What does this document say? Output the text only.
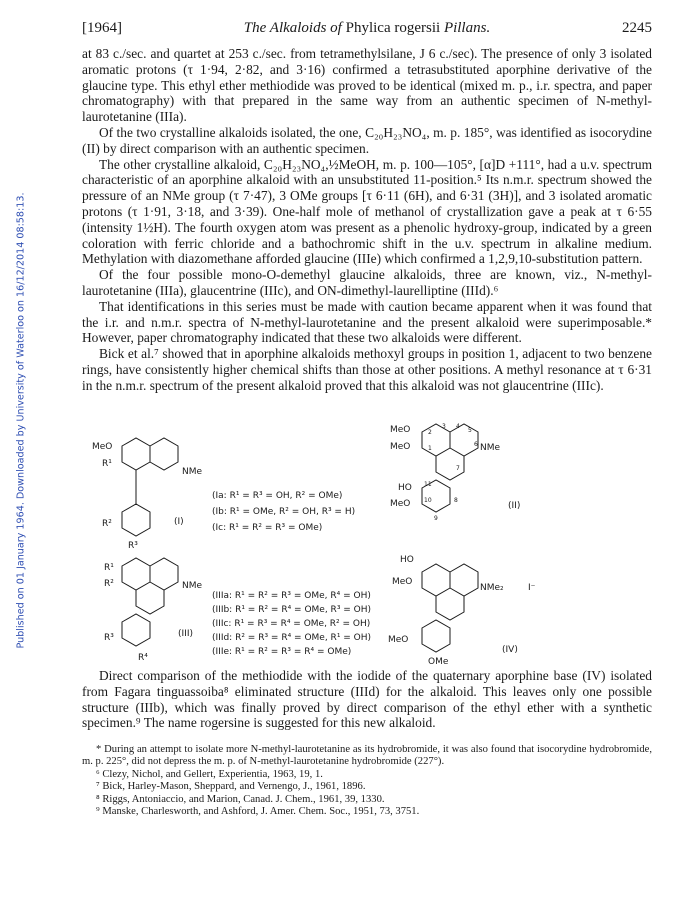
Published on 01 January 1964. Downloaded by University of Waterloo on 16/12/2014 08:58:13.
[1964]	The Alkaloids of Phylica rogersii Pillans.	2245

at 83 c./sec. and quartet at 253 c./sec. from tetramethylsilane, J 6 c./sec). The presence of only 3 isolated aromatic protons (τ 1·94, 2·82, and 3·16) confirmed a tetrasubstituted aporphine derivative of the glaucine type. This ethyl ether methiodide was proved to be identical (mixed m. p., i.r. spectra, and paper chromatography) with that prepared in the same way from an authentic specimen of N-methyl-laurotetanine (IIIa).

Of the two crystalline alkaloids isolated, the one, C₂₀H₂₃NO₄, m. p. 185°, was identified as isocorydine (II) by direct comparison with an authentic specimen.

The other crystalline alkaloid, C₂₀H₂₃NO₄,½MeOH, m. p. 100—105°, [α]D +111°, had a u.v. spectrum characteristic of an aporphine alkaloid with an unsubstituted 11-position.⁵ Its n.m.r. spectrum showed the pressure of an NMe group (τ 7·47), 3 OMe groups [τ 6·11 (6H), and 6·31 (3H)], and 3 isolated aromatic protons (τ 1·91, 3·18, and 3·39). One-half mole of methanol of crystallization gave a peak at τ 6·55 (intensity 1½H). The fourth oxygen atom was present as a phenolic hydroxy-group, indicated by a green coloration with ferric chloride and a bathochromic shift in the u.v. spectrum in alkaline medium. Methylation with diazomethane afforded glaucine (IIIe) which confirmed a 1,2,9,10-substitution pattern.

Of the four possible mono-O-demethyl glaucine alkaloids, three are known, viz., N-methyl-laurotetanine (IIIa), glaucentrine (IIIc), and ON-dimethyl-laurelliptine (IIId).⁶

That identifications in this series must be made with caution became apparent when it was found that the i.r. and n.m.r. spectra of N-methyl-laurotetanine and the present alkaloid were superimposable.* However, paper chromatography indicated that these two alkaloids were different.

Bick et al.⁷ showed that in aporphine alkaloids methoxyl groups in position 1, adjacent to two benzene rings, have consistently higher chemical shifts than those at other positions. A methyl resonance at τ 6·31 in the n.m.r. spectrum of the present alkaloid proved that this alkaloid was not glaucentrine (IIIc).

MeO
R¹
NMe
R²
R³
(I)
(Ia: R¹ = R³ = OH, R² = OMe)
(Ib: R¹ = OMe, R² = OH, R³ = H)
(Ic: R¹ = R² = R³ = OMe)
MeO
MeO	NMe
HO
MeO	(II)
1
2
3 4
5
6
7
8
9
10
11
R¹
R²	NMe
R³
R⁴
(III)
(IIIa: R¹ = R² = R³ = OMe, R⁴ = OH)
(IIIb: R¹ = R² = R⁴ = OMe, R³ = OH)
(IIIc: R¹ = R³ = R⁴ = OMe, R² = OH)
(IIId: R² = R³ = R⁴ = OMe, R¹ = OH)
(IIIe: R¹ = R² = R³ = R⁴ = OMe)
HO
MeO
NMe₂	I⁻
MeO
OMe
(IV)

Direct comparison of the methiodide with the iodide of the quaternary aporphine base (IV) isolated from Fagara tinguassoiba⁸ eliminated structure (IIId) for the alkaloid. This leaves only one possible structure (IIIb), which was finally proved by direct comparison of the ethyl ether with a synthetic specimen.⁹ The name rogersine is suggested for this new alkaloid.

* During an attempt to isolate more N-methyl-laurotetanine as its hydrobromide, it was also found that isocorydine hydrobromide, m. p. 225°, did not depress the m. p. of N-methyl-laurotetanine hydrobromide (227°).

⁶ Clezy, Nichol, and Gellert, Experientia, 1963, 19, 1.

⁷ Bick, Harley-Mason, Sheppard, and Vernengo, J., 1961, 1896.

⁸ Riggs, Antoniaccio, and Marion, Canad. J. Chem., 1961, 39, 1330.

⁹ Manske, Charlesworth, and Ashford, J. Amer. Chem. Soc., 1951, 73, 3751.
